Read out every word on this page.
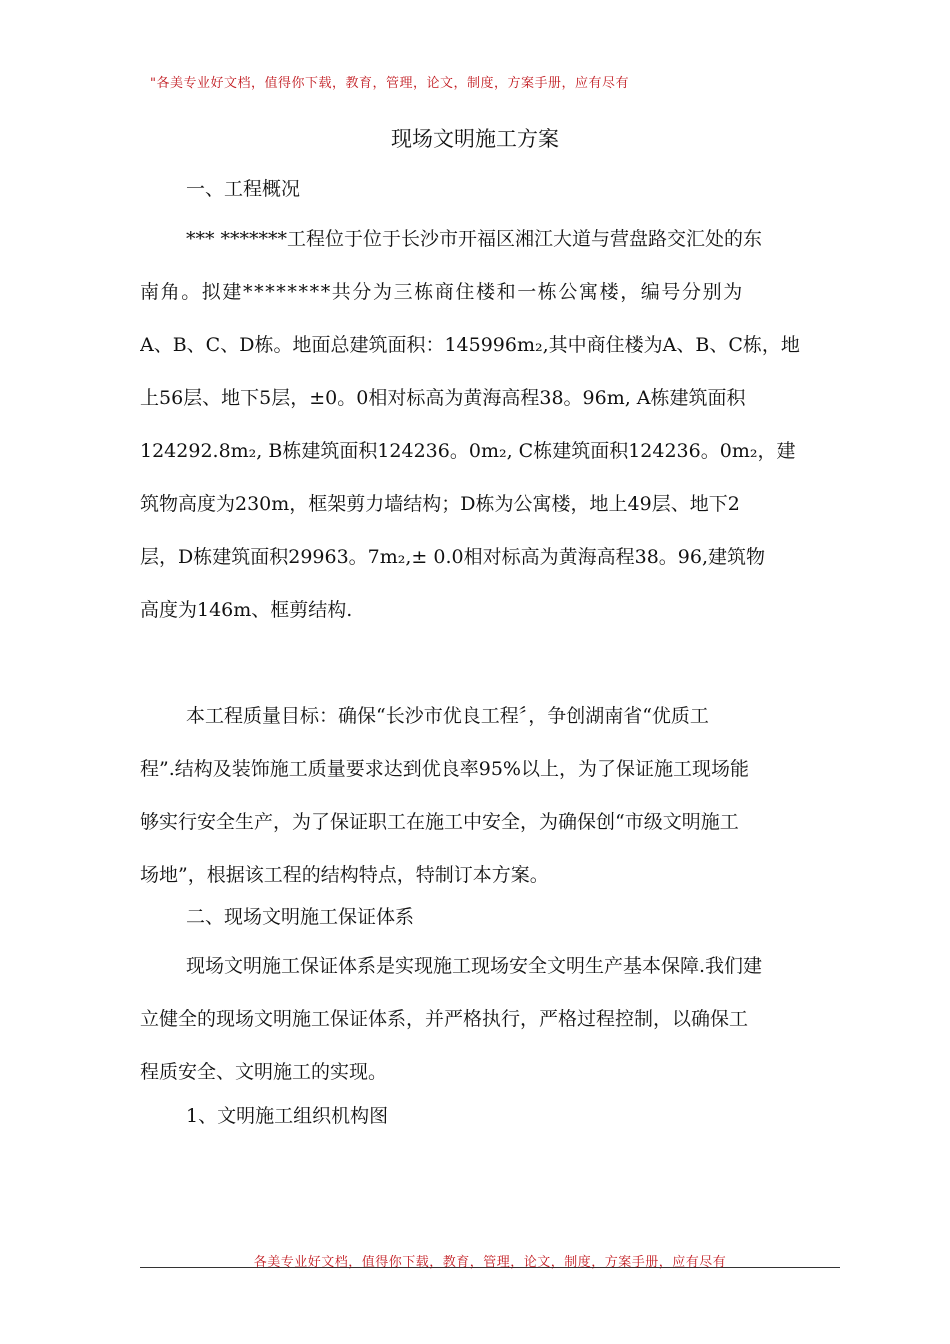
"各美专业好文档，值得你下载，教育，管理，论文，制度，方案手册，应有尽有
现场文明施工方案
一、工程概况
*** *******工程位于位于长沙市开福区湘江大道与营盘路交汇处的东
南角。拟建********共分为三栋商住楼和一栋公寓楼，编号分别为
A、B、C、D栋。地面总建筑面积：145996m₂,其中商住楼为A、B、C栋，地
上56层、地下5层，±0。0相对标高为黄海高程38。96m, A栋建筑面积
124292.8m₂, B栋建筑面积124236。0m₂, C栋建筑面积124236。0m₂，建
筑物高度为230m，框架剪力墙结构；D栋为公寓楼，地上49层、地下2
层，D栋建筑面积29963。7m₂,± 0.0相对标高为黄海高程38。96,建筑物
高度为146m、框剪结构.
本工程质量目标：确保“长沙市优良工程〞，争创湖南省“优质工
程”.结构及装饰施工质量要求达到优良率95%以上，为了保证施工现场能
够实行安全生产，为了保证职工在施工中安全，为确保创“市级文明施工
场地”，根据该工程的结构特点，特制订本方案。
二、现场文明施工保证体系
现场文明施工保证体系是实现施工现场安全文明生产基本保障.我们建
立健全的现场文明施工保证体系，并严格执行，严格过程控制，以确保工
程质安全、文明施工的实现。
1、文明施工组织机构图
各美专业好文档，值得你下载，教育，管理，论文，制度，方案手册，应有尽有
